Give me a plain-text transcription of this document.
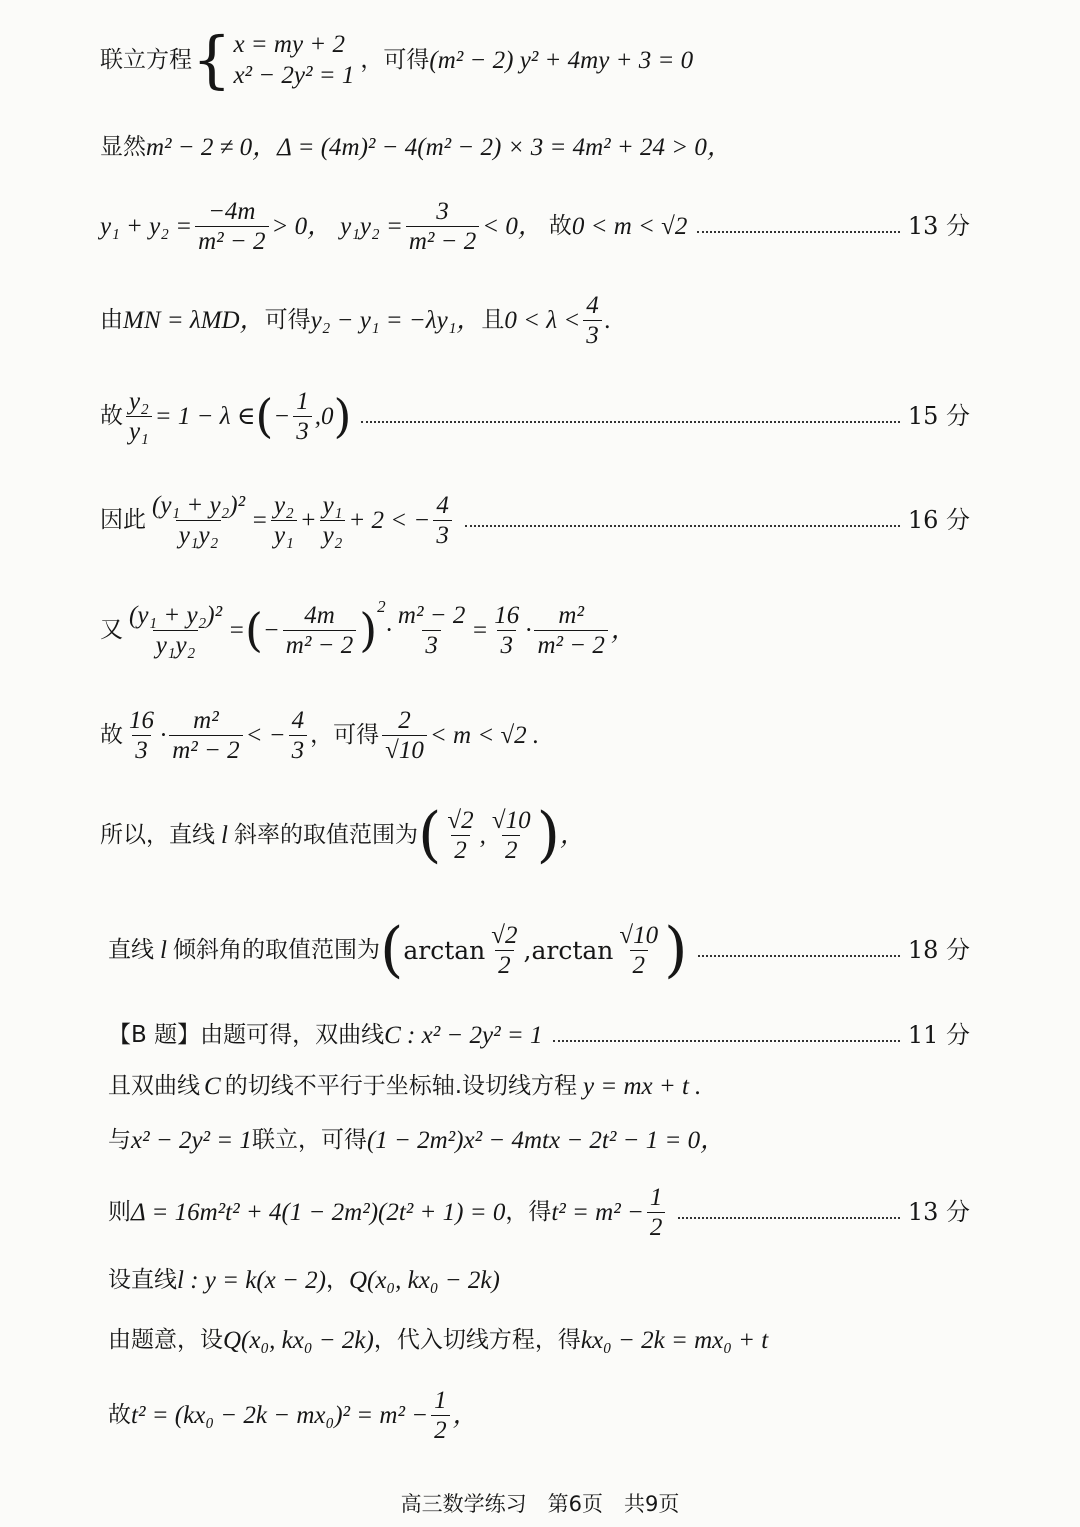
联立方程 { x = my + 2
x² − 2y² = 1
，可得 (m² − 2) y² + 4my + 3 = 0
显然 m² − 2 ≠ 0，Δ = (4m)² − 4(m² − 2) × 3 = 4m² + 24 > 0，
$y_1 + y_2 = \frac{-4m}{\text{m² − 2}} > 0$， $y_1y_2 = \frac{3}{\text{m² − 2}} < 0$， 故 0 < m < √2	13 分
由 MN = λMD， 可得 y₂ − y₁ = −λy₁， 且 $0 < \lambda < \frac{4}{3}$ .
故 $\frac{\text{y₂}}{\text{y₁}} = 1 - \lambda$ ∈ ( − $\frac{1}{3} ,0$ )	15 分
因此 $\frac{\text{(y₁ + y₂)²}}{\text{y₁y₂}} = \frac{\text{y₂}}{\text{y₁}} + \frac{\text{y₁}}{\text{y₂}} + 2$ < − $\frac{4}{3}$	16 分
又 $\frac{\text{(y₁ + y₂)²}}{\text{y₁y₂}}$ = ( − $\frac{4m}{\text{m² − 2}}$ ) 2
· $\frac{\text{m² − 2}}{3} = \frac{16}{3} \cdot \frac{\text{m²}}{\text{m² − 2}}$ ，
故 $\frac{16}{3} \cdot \frac{\text{m²}}{\text{m² − 2}}$ < − $\frac{4}{3}$ ，可得 $\frac{2}{√10} < m < √2$ .
所以，直线 l 斜率的取值范围为 ( $\frac{√2}{2}$ , $\frac{√10}{2}$ ) ，
直线 l 倾斜角的取值范围为 ( $\arctan \frac{√2}{2} ,\arctan \frac{√10}{2}$ )	18 分
【B 题】由题可得，双曲线 C : x² − 2y² = 1	11 分
且双曲线 C 的切线不平行于坐标轴.设切线方程 y = mx + t .
与 x² − 2y² = 1 联立，可得 (1 − 2m²)x² − 4mtx − 2t² − 1 = 0 ，
则 Δ = 16m²t² + 4(1 − 2m²)(2t² + 1) = 0 ，得 $t^2 = m^2 - \frac{1}{2}$	13 分
设直线 l : y = k(x − 2) ， Q(x₀, kx₀ − 2k)
由题意，设 Q(x₀, kx₀ − 2k) ，代入切线方程，得 kx₀ − 2k = mx₀ + t
故 $t^2 = (kx_0 - 2k - mx_0)^2 = m^2 - \frac{1}{2}$ ，
高三数学练习　第6页　共9页
